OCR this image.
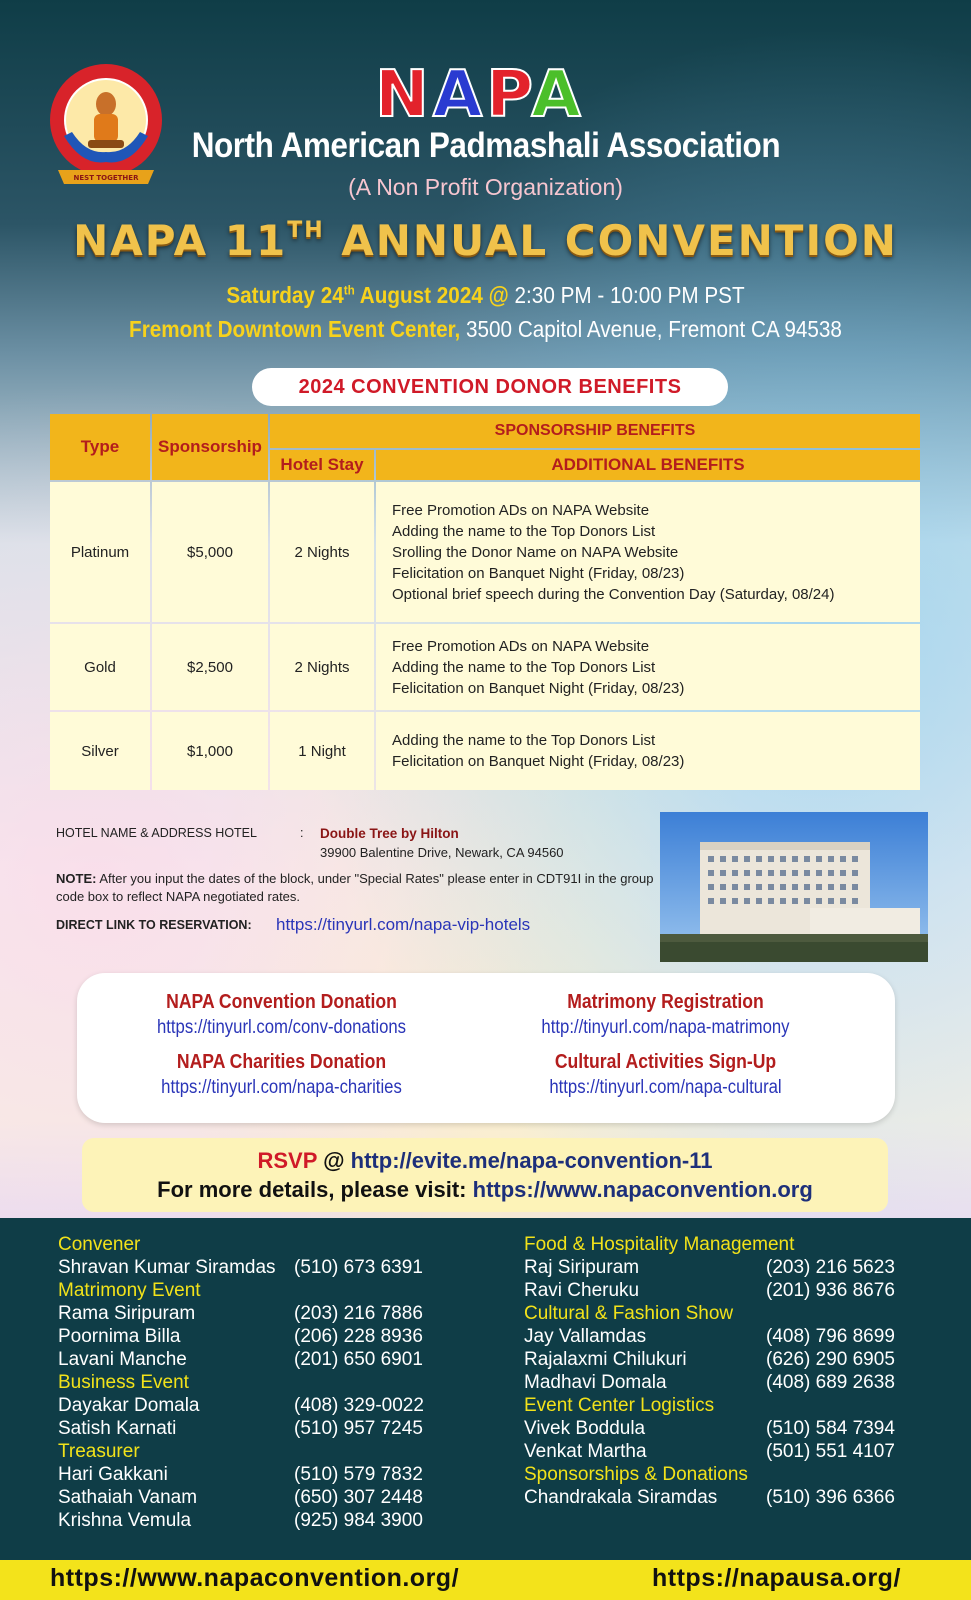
NEST TOGETHER
NAPA
North American Padmashali Association
(A Non Profit Organization)
NAPA 11TH ANNUAL CONVENTION
Saturday 24th August 2024 @ 2:30 PM - 10:00 PM PST
Fremont Downtown Event Center, 3500 Capitol Avenue, Fremont CA 94538
2024 CONVENTION DONOR BENEFITS
Type	Sponsorship
SPONSORSHIP BENEFITS
Hotel Stay	ADDITIONAL BENEFITS
Platinum	$5,000	2 Nights
Free Promotion ADs on NAPA Website
Adding the name to the Top Donors List
Srolling the Donor Name on NAPA Website
Felicitation on Banquet Night (Friday, 08/23)
Optional brief speech during the Convention Day (Saturday, 08/24)
Gold	$2,500	2 Nights
Free Promotion ADs on NAPA Website
Adding the name to the Top Donors List
Felicitation on Banquet Night (Friday, 08/23)
Silver	$1,000	1 Night
Adding the name to the Top Donors List
Felicitation on Banquet Night (Friday, 08/23)
HOTEL NAME & ADDRESS HOTEL	: Double Tree by Hilton
39900 Balentine Drive, Newark, CA 94560
NOTE: After you input the dates of the block, under "Special Rates" please enter in CDT91I in the group code box to reflect NAPA negotiated rates.
DIRECT LINK TO RESERVATION: https://tinyurl.com/napa-vip-hotels
NAPA Convention Donation
https://tinyurl.com/conv-donations
Matrimony Registration
http://tinyurl.com/napa-matrimony
NAPA Charities Donation
https://tinyurl.com/napa-charities
Cultural Activities Sign-Up
https://tinyurl.com/napa-cultural
RSVP @ http://evite.me/napa-convention-11
For more details, please visit: https://www.napaconvention.org
Convener
Shravan Kumar Siramdas (510) 673 6391
Matrimony Event
Rama Siripuram	(203) 216 7886
Poornima Billa	(206) 228 8936
Lavani Manche	(201) 650 6901
Business Event
Dayakar Domala	(408) 329-0022
Satish Karnati	(510) 957 7245
Treasurer
Hari Gakkani	(510) 579 7832
Sathaiah Vanam	(650) 307 2448
Krishna Vemula	(925) 984 3900
Food & Hospitality Management
Raj Siripuram	(203) 216 5623
Ravi Cheruku	(201) 936 8676
Cultural & Fashion Show
Jay Vallamdas	(408) 796 8699
Rajalaxmi Chilukuri	(626) 290 6905
Madhavi Domala	(408) 689 2638
Event Center Logistics
Vivek Boddula	(510) 584 7394
Venkat Martha	(501) 551 4107
Sponsorships & Donations
Chandrakala Siramdas	(510) 396 6366
https://www.napaconvention.org/	https://napausa.org/
